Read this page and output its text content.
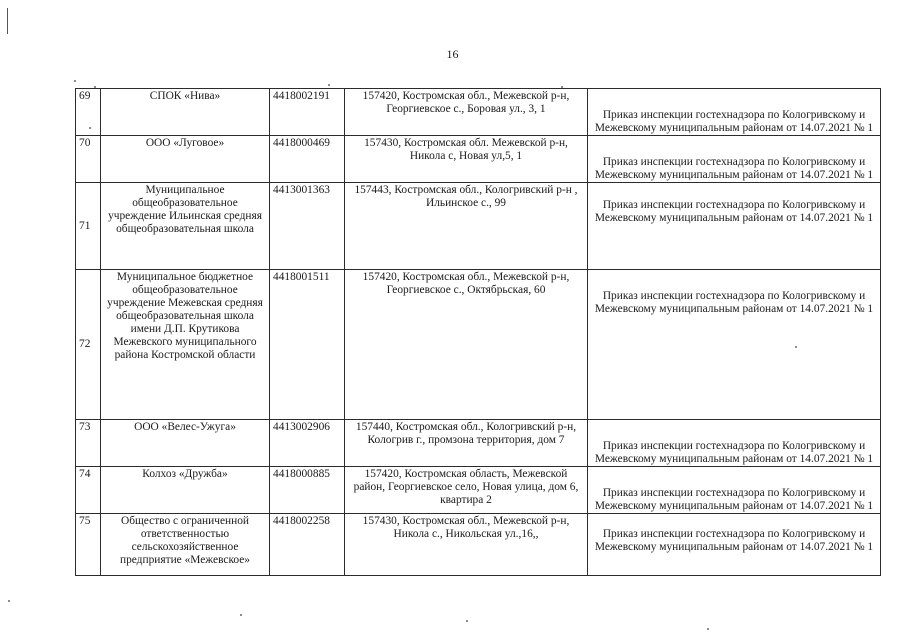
16
69	СПОК «Нива»	4418002191	157420, Костромская обл., Межевской р-н, Георгиевское с., Боровая ул., 3, 1	Приказ инспекции гостехнадзора по Кологривскому и Межевскому муниципальным районам от 14.07.2021 № 1
70	ООО «Луговое»	4418000469	157430, Костромская обл. Межевской р-н, Никола с, Новая ул,5, 1	Приказ инспекции гостехнадзора по Кологривскому и Межевскому муниципальным районам от 14.07.2021 № 1
71	Муниципальное общеобразовательное учреждение Ильинская средняя общеобразовательная школа	4413001363	157443, Костромская обл., Кологривский р-н , Ильинское с., 99	Приказ инспекции гостехнадзора по Кологривскому и Межевскому муниципальным районам от 14.07.2021 № 1
72	Муниципальное бюджетное общеобразовательное учреждение Межевская средняя общеобразовательная школа имени Д.П. Крутикова Межевского муниципального района Костромской области	4418001511	157420, Костромская обл., Межевской р-н, Георгиевское с., Октябрьская, 60	Приказ инспекции гостехнадзора по Кологривскому и Межевскому муниципальным районам от 14.07.2021 № 1
73	ООО «Велес-Ужуга»	4413002906	157440, Костромская обл., Кологривский р-н, Кологрив г., промзона территория, дом 7	Приказ инспекции гостехнадзора по Кологривскому и Межевскому муниципальным районам от 14.07.2021 № 1
74	Колхоз «Дружба»	4418000885	157420, Костромская область, Межевской район, Георгиевское село, Новая улица, дом 6, квартира 2	Приказ инспекции гостехнадзора по Кологривскому и Межевскому муниципальным районам от 14.07.2021 № 1
75	Общество с ограниченной ответственностью сельскохозяйственное предприятие «Межевское»	4418002258	157430, Костромская обл., Межевской р-н, Никола с., Никольская ул.,16,,	Приказ инспекции гостехнадзора по Кологривскому и Межевскому муниципальным районам от 14.07.2021 № 1
